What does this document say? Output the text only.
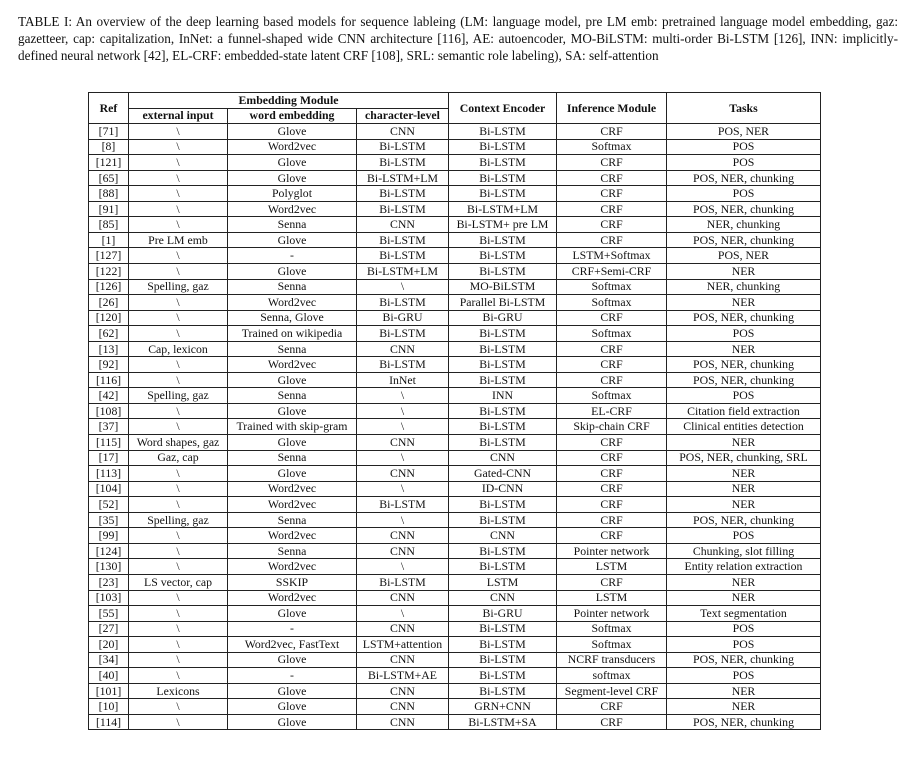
TABLE I: An overview of the deep learning based models for sequence lableing (LM: language model, pre LM emb: pretrained language model embedding, gaz: gazetteer, cap: capitalization, InNet: a funnel-shaped wide CNN architecture [116], AE: autoencoder, MO-BiLSTM: multi-order Bi-LSTM [126], INN: implicitly-defined neural network [42], EL-CRF: embedded-state latent CRF [108], SRL: semantic role labeling), SA: self-attention
Ref	Embedding Module			Context Encoder	Inference Module	Tasks
	external input	word embedding	character-level			
[71]	\	Glove	CNN	Bi-LSTM	CRF	POS, NER
[8]	\	Word2vec	Bi-LSTM	Bi-LSTM	Softmax	POS
[121]	\	Glove	Bi-LSTM	Bi-LSTM	CRF	POS
[65]	\	Glove	Bi-LSTM+LM	Bi-LSTM	CRF	POS, NER, chunking
[88]	\	Polyglot	Bi-LSTM	Bi-LSTM	CRF	POS
[91]	\	Word2vec	Bi-LSTM	Bi-LSTM+LM	CRF	POS, NER, chunking
[85]	\	Senna	CNN	Bi-LSTM+ pre LM	CRF	NER, chunking
[1]	Pre LM emb	Glove	Bi-LSTM	Bi-LSTM	CRF	POS, NER, chunking
[127]	\	-	Bi-LSTM	Bi-LSTM	LSTM+Softmax	POS, NER
[122]	\	Glove	Bi-LSTM+LM	Bi-LSTM	CRF+Semi-CRF	NER
[126]	Spelling, gaz	Senna	\	MO-BiLSTM	Softmax	NER, chunking
[26]	\	Word2vec	Bi-LSTM	Parallel Bi-LSTM	Softmax	NER
[120]	\	Senna, Glove	Bi-GRU	Bi-GRU	CRF	POS, NER, chunking
[62]	\	Trained on wikipedia	Bi-LSTM	Bi-LSTM	Softmax	POS
[13]	Cap, lexicon	Senna	CNN	Bi-LSTM	CRF	NER
[92]	\	Word2vec	Bi-LSTM	Bi-LSTM	CRF	POS, NER, chunking
[116]	\	Glove	InNet	Bi-LSTM	CRF	POS, NER, chunking
[42]	Spelling, gaz	Senna	\	INN	Softmax	POS
[108]	\	Glove	\	Bi-LSTM	EL-CRF	Citation field extraction
[37]	\	Trained with skip-gram	\	Bi-LSTM	Skip-chain CRF	Clinical entities detection
[115]	Word shapes, gaz	Glove	CNN	Bi-LSTM	CRF	NER
[17]	Gaz, cap	Senna	\	CNN	CRF	POS, NER, chunking, SRL
[113]	\	Glove	CNN	Gated-CNN	CRF	NER
[104]	\	Word2vec	\	ID-CNN	CRF	NER
[52]	\	Word2vec	Bi-LSTM	Bi-LSTM	CRF	NER
[35]	Spelling, gaz	Senna	\	Bi-LSTM	CRF	POS, NER, chunking
[99]	\	Word2vec	CNN	CNN	CRF	POS
[124]	\	Senna	CNN	Bi-LSTM	Pointer network	Chunking, slot filling
[130]	\	Word2vec	\	Bi-LSTM	LSTM	Entity relation extraction
[23]	LS vector, cap	SSKIP	Bi-LSTM	LSTM	CRF	NER
[103]	\	Word2vec	CNN	CNN	LSTM	NER
[55]	\	Glove	\	Bi-GRU	Pointer network	Text segmentation
[27]	\	-	CNN	Bi-LSTM	Softmax	POS
[20]	\	Word2vec, FastText	LSTM+attention	Bi-LSTM	Softmax	POS
[34]	\	Glove	CNN	Bi-LSTM	NCRF transducers	POS, NER, chunking
[40]	\	-	Bi-LSTM+AE	Bi-LSTM	softmax	POS
[101]	Lexicons	Glove	CNN	Bi-LSTM	Segment-level CRF	NER
[10]	\	Glove	CNN	GRN+CNN	CRF	NER
[114]	\	Glove	CNN	Bi-LSTM+SA	CRF	POS, NER, chunking
